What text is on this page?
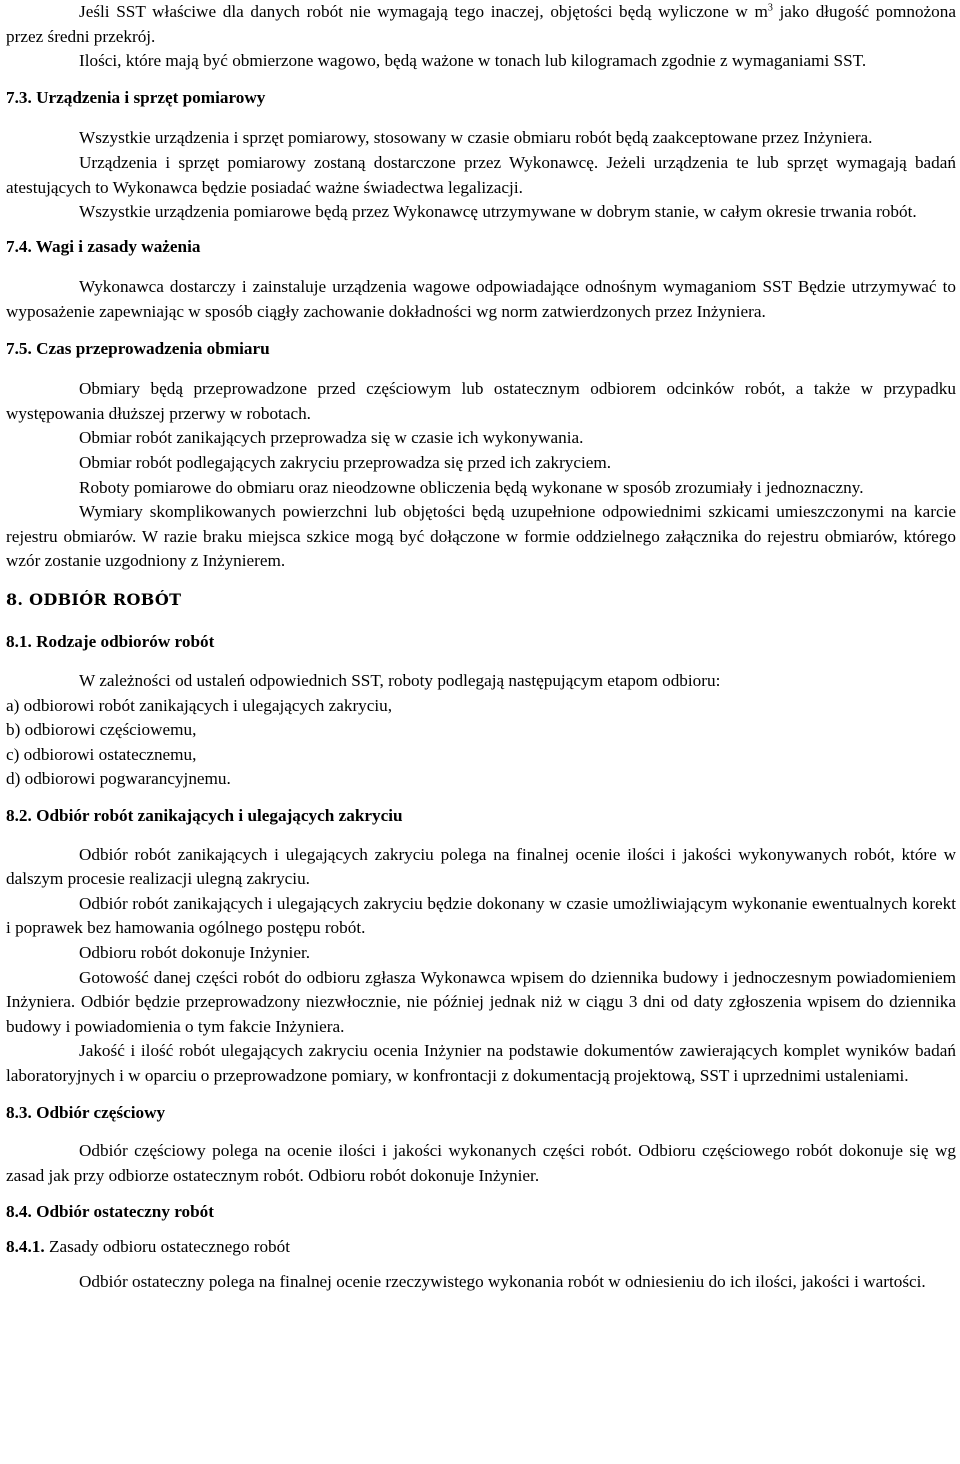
Jeśli SST właściwe dla danych robót nie wymagają tego inaczej, objętości będą wyliczone w $m^3$ jako długość pomnożona przez średni przekrój.

Ilości, które mają być obmierzone wagowo, będą ważone w tonach lub kilogramach zgodnie z wymaganiami SST.

7.3. Urządzenia i sprzęt pomiarowy

Wszystkie urządzenia i sprzęt pomiarowy, stosowany w czasie obmiaru robót będą zaakceptowane przez Inżyniera.

Urządzenia i sprzęt pomiarowy zostaną dostarczone przez Wykonawcę. Jeżeli urządzenia te lub sprzęt wymagają badań atestujących to Wykonawca będzie posiadać ważne świadectwa legalizacji.

Wszystkie urządzenia pomiarowe będą przez Wykonawcę utrzymywane w dobrym stanie, w całym okresie trwania robót.

7.4. Wagi i zasady ważenia

Wykonawca dostarczy i zainstaluje urządzenia wagowe odpowiadające odnośnym wymaganiom SST Będzie utrzymywać to wyposażenie zapewniając w sposób ciągły zachowanie dokładności wg norm zatwierdzonych przez Inżyniera.

7.5. Czas przeprowadzenia obmiaru

Obmiary będą przeprowadzone przed częściowym lub ostatecznym odbiorem odcinków robót, a także w przypadku występowania dłuższej przerwy w robotach.

Obmiar robót zanikających przeprowadza się w czasie ich wykonywania.

Obmiar robót podlegających zakryciu przeprowadza się przed ich zakryciem.

Roboty pomiarowe do obmiaru oraz nieodzowne obliczenia będą wykonane w sposób zrozumiały i jednoznaczny.

Wymiary skomplikowanych powierzchni lub objętości będą uzupełnione odpowiednimi szkicami umieszczonymi na karcie rejestru obmiarów. W razie braku miejsca szkice mogą być dołączone w formie oddzielnego załącznika do rejestru obmiarów, którego wzór zostanie uzgodniony z Inżynierem.

8. ODBIÓR ROBÓT

8.1. Rodzaje odbiorów robót

W zależności od ustaleń odpowiednich SST, roboty podlegają następującym etapom odbioru:

a) odbiorowi robót zanikających i ulegających zakryciu,

b) odbiorowi częściowemu,

c) odbiorowi ostatecznemu,

d) odbiorowi pogwarancyjnemu.

8.2. Odbiór robót zanikających i ulegających zakryciu

Odbiór robót zanikających i ulegających zakryciu polega na finalnej ocenie ilości i jakości wykonywanych robót, które w dalszym procesie realizacji ulegną zakryciu.

Odbiór robót zanikających i ulegających zakryciu będzie dokonany w czasie umożliwiającym wykonanie ewentualnych korekt i poprawek bez hamowania ogólnego postępu robót.

Odbioru robót dokonuje Inżynier.

Gotowość danej części robót do odbioru zgłasza Wykonawca wpisem do dziennika budowy i jednoczesnym powiadomieniem Inżyniera. Odbiór będzie przeprowadzony niezwłocznie, nie później jednak niż w ciągu 3 dni od daty zgłoszenia wpisem do dziennika budowy i powiadomienia o tym fakcie Inżyniera.

Jakość i ilość robót ulegających zakryciu ocenia Inżynier na podstawie dokumentów zawierających komplet wyników badań laboratoryjnych i w oparciu o przeprowadzone pomiary, w konfrontacji z dokumentacją projektową, SST i uprzednimi ustaleniami.

8.3. Odbiór częściowy

Odbiór częściowy polega na ocenie ilości i jakości wykonanych części robót. Odbioru częściowego robót dokonuje się wg zasad jak przy odbiorze ostatecznym robót. Odbioru robót dokonuje Inżynier.

8.4. Odbiór ostateczny robót

8.4.1. Zasady odbioru ostatecznego robót

Odbiór ostateczny polega na finalnej ocenie rzeczywistego wykonania robót w odniesieniu do ich ilości, jakości i wartości.
